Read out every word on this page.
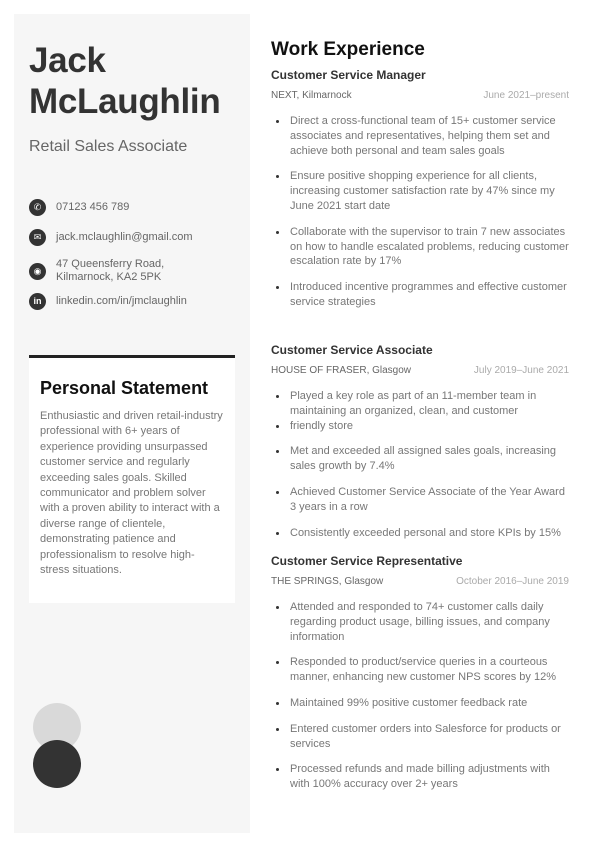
Jack
McLaughlin
Retail Sales Associate
✆	07123 456 789
✉	jack.mclaughlin@gmail.com
◉
47 Queensferry Road,
Kilmarnock, KA2 5PK
in	linkedin.com/in/jmclaughlin
Personal Statement

Enthusiastic and driven retail-industry professional with 6+ years of experience providing unsurpassed customer service and regularly exceeding sales goals. Skilled communicator and problem solver with a proven ability to interact with a diverse range of clientele, demonstrating patience and professionalism to resolve high-stress situations.

Work Experience
Customer Service Manager
NEXT, Kilmarnock	June 2021–present
Direct a cross-functional team of 15+ customer service associates and representatives, helping them set and achieve both personal and team sales goals
Ensure positive shopping experience for all clients, increasing customer satisfaction rate by 47% since my June 2021 start date
Collaborate with the supervisor to train 7 new associates on how to handle escalated problems, reducing customer escalation rate by 17%
Introduced incentive programmes and effective customer service strategies
Customer Service Associate
HOUSE OF FRASER, Glasgow	July 2019–June 2021
Played a key role as part of an 11-member team in maintaining an organized, clean, and customer
friendly store
Met and exceeded all assigned sales goals, increasing sales growth by 7.4%
Achieved Customer Service Associate of the Year Award 3 years in a row
Consistently exceeded personal and store KPIs by 15%
Customer Service Representative
THE SPRINGS, Glasgow	October 2016–June 2019
Attended and responded to 74+ customer calls daily regarding product usage, billing issues, and company information
Responded to product/service queries in a courteous manner, enhancing new customer NPS scores by 12%
Maintained 99% positive customer feedback rate
Entered customer orders into Salesforce for products or services
Processed refunds and made billing adjustments with with 100% accuracy over 2+ years
